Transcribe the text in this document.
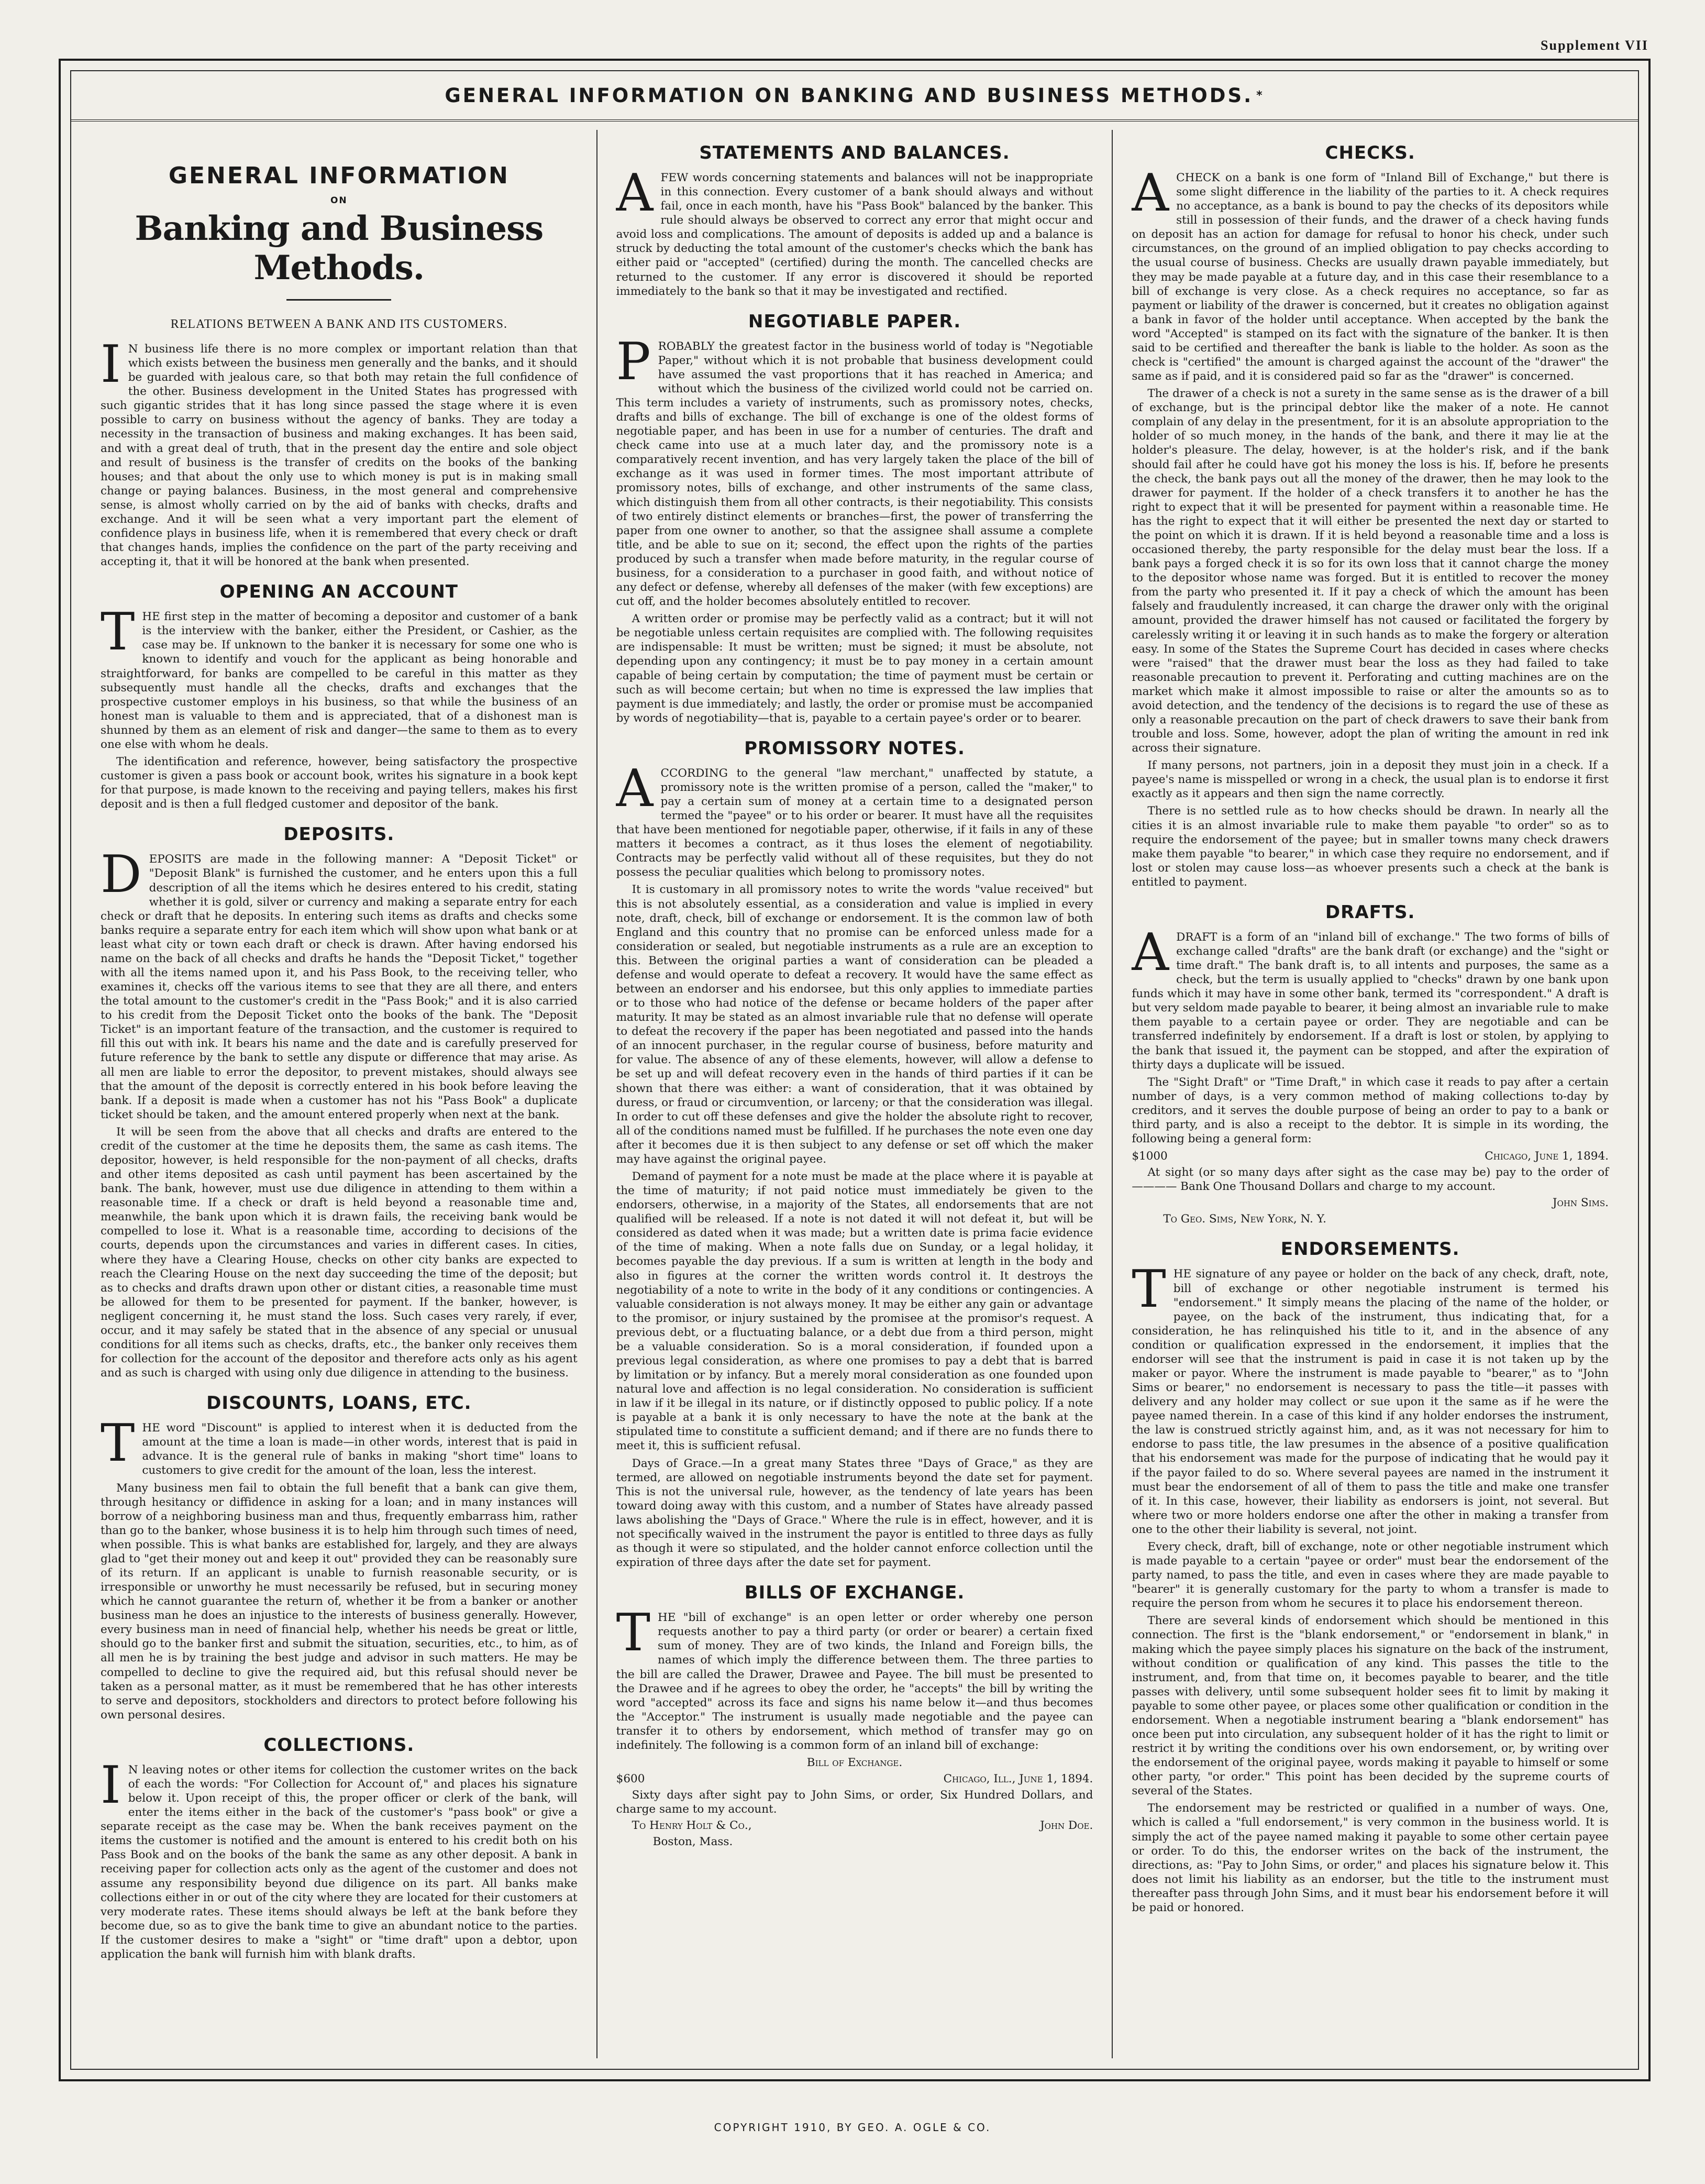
Supplement VII
GENERAL INFORMATION ON BANKING AND BUSINESS METHODS. *
GENERAL INFORMATION
ON
Banking and Business Methods.
RELATIONS BETWEEN A BANK AND ITS CUSTOMERS.
I N business life there is no more complex or important relation than that which exists between the business men generally and the banks, and it should be guarded with jealous care, so that both may retain the full confidence of the other. Business development in the United States has progressed with such gigantic strides that it has long since passed the stage where it is even possible to carry on business without the agency of banks. They are today a necessity in the transaction of business and making exchanges. It has been said, and with a great deal of truth, that in the present day the entire and sole object and result of business is the transfer of credits on the books of the banking houses; and that about the only use to which money is put is in making small change or paying balances. Business, in the most general and comprehensive sense, is almost wholly carried on by the aid of banks with checks, drafts and exchange. And it will be seen what a very important part the element of confidence plays in business life, when it is remembered that every check or draft that changes hands, implies the confidence on the part of the party receiving and accepting it, that it will be honored at the bank when presented.

OPENING AN ACCOUNT
T HE first step in the matter of becoming a depositor and customer of a bank is the interview with the banker, either the President, or Cashier, as the case may be. If unknown to the banker it is necessary for some one who is known to identify and vouch for the applicant as being honorable and straightforward, for banks are compelled to be careful in this matter as they subsequently must handle all the checks, drafts and exchanges that the prospective customer employs in his business, so that while the business of an honest man is valuable to them and is appreciated, that of a dishonest man is shunned by them as an element of risk and danger—the same to them as to every one else with whom he deals.

The identification and reference, however, being satisfactory the prospective customer is given a pass book or account book, writes his signature in a book kept for that purpose, is made known to the receiving and paying tellers, makes his first deposit and is then a full fledged customer and depositor of the bank.

DEPOSITS.
D EPOSITS are made in the following manner: A "Deposit Ticket" or "Deposit Blank" is furnished the customer, and he enters upon this a full description of all the items which he desires entered to his credit, stating whether it is gold, silver or currency and making a separate entry for each check or draft that he deposits. In entering such items as drafts and checks some banks require a separate entry for each item which will show upon what bank or at least what city or town each draft or check is drawn. After having endorsed his name on the back of all checks and drafts he hands the "Deposit Ticket," together with all the items named upon it, and his Pass Book, to the receiving teller, who examines it, checks off the various items to see that they are all there, and enters the total amount to the customer's credit in the "Pass Book;" and it is also carried to his credit from the Deposit Ticket onto the books of the bank. The "Deposit Ticket" is an important feature of the transaction, and the customer is required to fill this out with ink. It bears his name and the date and is carefully preserved for future reference by the bank to settle any dispute or difference that may arise. As all men are liable to error the depositor, to prevent mistakes, should always see that the amount of the deposit is correctly entered in his book before leaving the bank. If a deposit is made when a customer has not his "Pass Book" a duplicate ticket should be taken, and the amount entered properly when next at the bank.

It will be seen from the above that all checks and drafts are entered to the credit of the customer at the time he deposits them, the same as cash items. The depositor, however, is held responsible for the non-payment of all checks, drafts and other items deposited as cash until payment has been ascertained by the bank. The bank, however, must use due diligence in attending to them within a reasonable time. If a check or draft is held beyond a reasonable time and, meanwhile, the bank upon which it is drawn fails, the receiving bank would be compelled to lose it. What is a reasonable time, according to decisions of the courts, depends upon the circumstances and varies in different cases. In cities, where they have a Clearing House, checks on other city banks are expected to reach the Clearing House on the next day succeeding the time of the deposit; but as to checks and drafts drawn upon other or distant cities, a reasonable time must be allowed for them to be presented for payment. If the banker, however, is negligent concerning it, he must stand the loss. Such cases very rarely, if ever, occur, and it may safely be stated that in the absence of any special or unusual conditions for all items such as checks, drafts, etc., the banker only receives them for collection for the account of the depositor and therefore acts only as his agent and as such is charged with using only due diligence in attending to the business.

DISCOUNTS, LOANS, ETC.
T HE word "Discount" is applied to interest when it is deducted from the amount at the time a loan is made—in other words, interest that is paid in advance. It is the general rule of banks in making "short time" loans to customers to give credit for the amount of the loan, less the interest.

Many business men fail to obtain the full benefit that a bank can give them, through hesitancy or diffidence in asking for a loan; and in many instances will borrow of a neighboring business man and thus, frequently embarrass him, rather than go to the banker, whose business it is to help him through such times of need, when possible. This is what banks are established for, largely, and they are always glad to "get their money out and keep it out" provided they can be reasonably sure of its return. If an applicant is unable to furnish reasonable security, or is irresponsible or unworthy he must necessarily be refused, but in securing money which he cannot guarantee the return of, whether it be from a banker or another business man he does an injustice to the interests of business generally. However, every business man in need of financial help, whether his needs be great or little, should go to the banker first and submit the situation, securities, etc., to him, as of all men he is by training the best judge and advisor in such matters. He may be compelled to decline to give the required aid, but this refusal should never be taken as a personal matter, as it must be remembered that he has other interests to serve and depositors, stockholders and directors to protect before following his own personal desires.

COLLECTIONS.
I N leaving notes or other items for collection the customer writes on the back of each the words: "For Collection for Account of," and places his signature below it. Upon receipt of this, the proper officer or clerk of the bank, will enter the items either in the back of the customer's "pass book" or give a separate receipt as the case may be. When the bank receives payment on the items the customer is notified and the amount is entered to his credit both on his Pass Book and on the books of the bank the same as any other deposit. A bank in receiving paper for collection acts only as the agent of the customer and does not assume any responsibility beyond due diligence on its part. All banks make collections either in or out of the city where they are located for their customers at very moderate rates. These items should always be left at the bank before they become due, so as to give the bank time to give an abundant notice to the parties. If the customer desires to make a "sight" or "time draft" upon a debtor, upon application the bank will furnish him with blank drafts.

STATEMENTS AND BALANCES.
A FEW words concerning statements and balances will not be inappropriate in this connection. Every customer of a bank should always and without fail, once in each month, have his "Pass Book" balanced by the banker. This rule should always be observed to correct any error that might occur and avoid loss and complications. The amount of deposits is added up and a balance is struck by deducting the total amount of the customer's checks which the bank has either paid or "accepted" (certified) during the month. The cancelled checks are returned to the customer. If any error is discovered it should be reported immediately to the bank so that it may be investigated and rectified.

NEGOTIABLE PAPER.
P ROBABLY the greatest factor in the business world of today is "Negotiable Paper," without which it is not probable that business development could have assumed the vast proportions that it has reached in America; and without which the business of the civilized world could not be carried on. This term includes a variety of instruments, such as promissory notes, checks, drafts and bills of exchange. The bill of exchange is one of the oldest forms of negotiable paper, and has been in use for a number of centuries. The draft and check came into use at a much later day, and the promissory note is a comparatively recent invention, and has very largely taken the place of the bill of exchange as it was used in former times. The most important attribute of promissory notes, bills of exchange, and other instruments of the same class, which distinguish them from all other contracts, is their negotiability. This consists of two entirely distinct elements or branches—first, the power of transferring the paper from one owner to another, so that the assignee shall assume a complete title, and be able to sue on it; second, the effect upon the rights of the parties produced by such a transfer when made before maturity, in the regular course of business, for a consideration to a purchaser in good faith, and without notice of any defect or defense, whereby all defenses of the maker (with few exceptions) are cut off, and the holder becomes absolutely entitled to recover.

A written order or promise may be perfectly valid as a contract; but it will not be negotiable unless certain requisites are complied with. The following requisites are indispensable: It must be written; must be signed; it must be absolute, not depending upon any contingency; it must be to pay money in a certain amount capable of being certain by computation; the time of payment must be certain or such as will become certain; but when no time is expressed the law implies that payment is due immediately; and lastly, the order or promise must be accompanied by words of negotiability—that is, payable to a certain payee's order or to bearer.

PROMISSORY NOTES.
A CCORDING to the general "law merchant," unaffected by statute, a promissory note is the written promise of a person, called the "maker," to pay a certain sum of money at a certain time to a designated person termed the "payee" or to his order or bearer. It must have all the requisites that have been mentioned for negotiable paper, otherwise, if it fails in any of these matters it becomes a contract, as it thus loses the element of negotiability. Contracts may be perfectly valid without all of these requisites, but they do not possess the peculiar qualities which belong to promissory notes.

It is customary in all promissory notes to write the words "value received" but this is not absolutely essential, as a consideration and value is implied in every note, draft, check, bill of exchange or endorsement. It is the common law of both England and this country that no promise can be enforced unless made for a consideration or sealed, but negotiable instruments as a rule are an exception to this. Between the original parties a want of consideration can be pleaded a defense and would operate to defeat a recovery. It would have the same effect as between an endorser and his endorsee, but this only applies to immediate parties or to those who had notice of the defense or became holders of the paper after maturity. It may be stated as an almost invariable rule that no defense will operate to defeat the recovery if the paper has been negotiated and passed into the hands of an innocent purchaser, in the regular course of business, before maturity and for value. The absence of any of these elements, however, will allow a defense to be set up and will defeat recovery even in the hands of third parties if it can be shown that there was either: a want of consideration, that it was obtained by duress, or fraud or circumvention, or larceny; or that the consideration was illegal. In order to cut off these defenses and give the holder the absolute right to recover, all of the conditions named must be fulfilled. If he purchases the note even one day after it becomes due it is then subject to any defense or set off which the maker may have against the original payee.

Demand of payment for a note must be made at the place where it is payable at the time of maturity; if not paid notice must immediately be given to the endorsers, otherwise, in a majority of the States, all endorsements that are not qualified will be released. If a note is not dated it will not defeat it, but will be considered as dated when it was made; but a written date is prima facie evidence of the time of making. When a note falls due on Sunday, or a legal holiday, it becomes payable the day previous. If a sum is written at length in the body and also in figures at the corner the written words control it. It destroys the negotiability of a note to write in the body of it any conditions or contingencies. A valuable consideration is not always money. It may be either any gain or advantage to the promisor, or injury sustained by the promisee at the promisor's request. A previous debt, or a fluctuating balance, or a debt due from a third person, might be a valuable consideration. So is a moral consideration, if founded upon a previous legal consideration, as where one promises to pay a debt that is barred by limitation or by infancy. But a merely moral consideration as one founded upon natural love and affection is no legal consideration. No consideration is sufficient in law if it be illegal in its nature, or if distinctly opposed to public policy. If a note is payable at a bank it is only necessary to have the note at the bank at the stipulated time to constitute a sufficient demand; and if there are no funds there to meet it, this is sufficient refusal.

Days of Grace.—In a great many States three "Days of Grace," as they are termed, are allowed on negotiable instruments beyond the date set for payment. This is not the universal rule, however, as the tendency of late years has been toward doing away with this custom, and a number of States have already passed laws abolishing the "Days of Grace." Where the rule is in effect, however, and it is not specifically waived in the instrument the payor is entitled to three days as fully as though it were so stipulated, and the holder cannot enforce collection until the expiration of three days after the date set for payment.

BILLS OF EXCHANGE.
T HE "bill of exchange" is an open letter or order whereby one person requests another to pay a third party (or order or bearer) a certain fixed sum of money. They are of two kinds, the Inland and Foreign bills, the names of which imply the difference between them. The three parties to the bill are called the Drawer, Drawee and Payee. The bill must be presented to the Drawee and if he agrees to obey the order, he "accepts" the bill by writing the word "accepted" across its face and signs his name below it—and thus becomes the "Acceptor." The instrument is usually made negotiable and the payee can transfer it to others by endorsement, which method of transfer may go on indefinitely. The following is a common form of an inland bill of exchange:

Bill of Exchange.
$600	Chicago, Ill., June 1, 1894.
Sixty days after sight pay to John Sims, or order, Six Hundred Dollars, and charge same to my account.
To Henry Holt & Co.,	John Doe.
Boston, Mass.
CHECKS.
A CHECK on a bank is one form of "Inland Bill of Exchange," but there is some slight difference in the liability of the parties to it. A check requires no acceptance, as a bank is bound to pay the checks of its depositors while still in possession of their funds, and the drawer of a check having funds on deposit has an action for damage for refusal to honor his check, under such circumstances, on the ground of an implied obligation to pay checks according to the usual course of business. Checks are usually drawn payable immediately, but they may be made payable at a future day, and in this case their resemblance to a bill of exchange is very close. As a check requires no acceptance, so far as payment or liability of the drawer is concerned, but it creates no obligation against a bank in favor of the holder until acceptance. When accepted by the bank the word "Accepted" is stamped on its fact with the signature of the banker. It is then said to be certified and thereafter the bank is liable to the holder. As soon as the check is "certified" the amount is charged against the account of the "drawer" the same as if paid, and it is considered paid so far as the "drawer" is concerned.

The drawer of a check is not a surety in the same sense as is the drawer of a bill of exchange, but is the principal debtor like the maker of a note. He cannot complain of any delay in the presentment, for it is an absolute appropriation to the holder of so much money, in the hands of the bank, and there it may lie at the holder's pleasure. The delay, however, is at the holder's risk, and if the bank should fail after he could have got his money the loss is his. If, before he presents the check, the bank pays out all the money of the drawer, then he may look to the drawer for payment. If the holder of a check transfers it to another he has the right to expect that it will be presented for payment within a reasonable time. He has the right to expect that it will either be presented the next day or started to the point on which it is drawn. If it is held beyond a reasonable time and a loss is occasioned thereby, the party responsible for the delay must bear the loss. If a bank pays a forged check it is so for its own loss that it cannot charge the money to the depositor whose name was forged. But it is entitled to recover the money from the party who presented it. If it pay a check of which the amount has been falsely and fraudulently increased, it can charge the drawer only with the original amount, provided the drawer himself has not caused or facilitated the forgery by carelessly writing it or leaving it in such hands as to make the forgery or alteration easy. In some of the States the Supreme Court has decided in cases where checks were "raised" that the drawer must bear the loss as they had failed to take reasonable precaution to prevent it. Perforating and cutting machines are on the market which make it almost impossible to raise or alter the amounts so as to avoid detection, and the tendency of the decisions is to regard the use of these as only a reasonable precaution on the part of check drawers to save their bank from trouble and loss. Some, however, adopt the plan of writing the amount in red ink across their signature.

If many persons, not partners, join in a deposit they must join in a check. If a payee's name is misspelled or wrong in a check, the usual plan is to endorse it first exactly as it appears and then sign the name correctly.

There is no settled rule as to how checks should be drawn. In nearly all the cities it is an almost invariable rule to make them payable "to order" so as to require the endorsement of the payee; but in smaller towns many check drawers make them payable "to bearer," in which case they require no endorsement, and if lost or stolen may cause loss—as whoever presents such a check at the bank is entitled to payment.

DRAFTS.
A DRAFT is a form of an "inland bill of exchange." The two forms of bills of exchange called "drafts" are the bank draft (or exchange) and the "sight or time draft." The bank draft is, to all intents and purposes, the same as a check, but the term is usually applied to "checks" drawn by one bank upon funds which it may have in some other bank, termed its "correspondent." A draft is but very seldom made payable to bearer, it being almost an invariable rule to make them payable to a certain payee or order. They are negotiable and can be transferred indefinitely by endorsement. If a draft is lost or stolen, by applying to the bank that issued it, the payment can be stopped, and after the expiration of thirty days a duplicate will be issued.

The "Sight Draft" or "Time Draft," in which case it reads to pay after a certain number of days, is a very common method of making collections to-day by creditors, and it serves the double purpose of being an order to pay to a bank or third party, and is also a receipt to the debtor. It is simple in its wording, the following being a general form:

$1000	Chicago, June 1, 1894.
At sight (or so many days after sight as the case may be) pay to the order of ———— Bank One Thousand Dollars and charge to my account.
John Sims.
To Geo. Sims, New York, N. Y.
ENDORSEMENTS.
T HE signature of any payee or holder on the back of any check, draft, note, bill of exchange or other negotiable instrument is termed his "endorsement." It simply means the placing of the name of the holder, or payee, on the back of the instrument, thus indicating that, for a consideration, he has relinquished his title to it, and in the absence of any condition or qualification expressed in the endorsement, it implies that the endorser will see that the instrument is paid in case it is not taken up by the maker or payor. Where the instrument is made payable to "bearer," as to "John Sims or bearer," no endorsement is necessary to pass the title—it passes with delivery and any holder may collect or sue upon it the same as if he were the payee named therein. In a case of this kind if any holder endorses the instrument, the law is construed strictly against him, and, as it was not necessary for him to endorse to pass title, the law presumes in the absence of a positive qualification that his endorsement was made for the purpose of indicating that he would pay it if the payor failed to do so. Where several payees are named in the instrument it must bear the endorsement of all of them to pass the title and make one transfer of it. In this case, however, their liability as endorsers is joint, not several. But where two or more holders endorse one after the other in making a transfer from one to the other their liability is several, not joint.

Every check, draft, bill of exchange, note or other negotiable instrument which is made payable to a certain "payee or order" must bear the endorsement of the party named, to pass the title, and even in cases where they are made payable to "bearer" it is generally customary for the party to whom a transfer is made to require the person from whom he secures it to place his endorsement thereon.

There are several kinds of endorsement which should be mentioned in this connection. The first is the "blank endorsement," or "endorsement in blank," in making which the payee simply places his signature on the back of the instrument, without condition or qualification of any kind. This passes the title to the instrument, and, from that time on, it becomes payable to bearer, and the title passes with delivery, until some subsequent holder sees fit to limit by making it payable to some other payee, or places some other qualification or condition in the endorsement. When a negotiable instrument bearing a "blank endorsement" has once been put into circulation, any subsequent holder of it has the right to limit or restrict it by writing the conditions over his own endorsement, or, by writing over the endorsement of the original payee, words making it payable to himself or some other party, "or order." This point has been decided by the supreme courts of several of the States.

The endorsement may be restricted or qualified in a number of ways. One, which is called a "full endorsement," is very common in the business world. It is simply the act of the payee named making it payable to some other certain payee or order. To do this, the endorser writes on the back of the instrument, the directions, as: "Pay to John Sims, or order," and places his signature below it. This does not limit his liability as an endorser, but the title to the instrument must thereafter pass through John Sims, and it must bear his endorsement before it will be paid or honored.

COPYRIGHT 1910, BY GEO. A. OGLE & CO.
